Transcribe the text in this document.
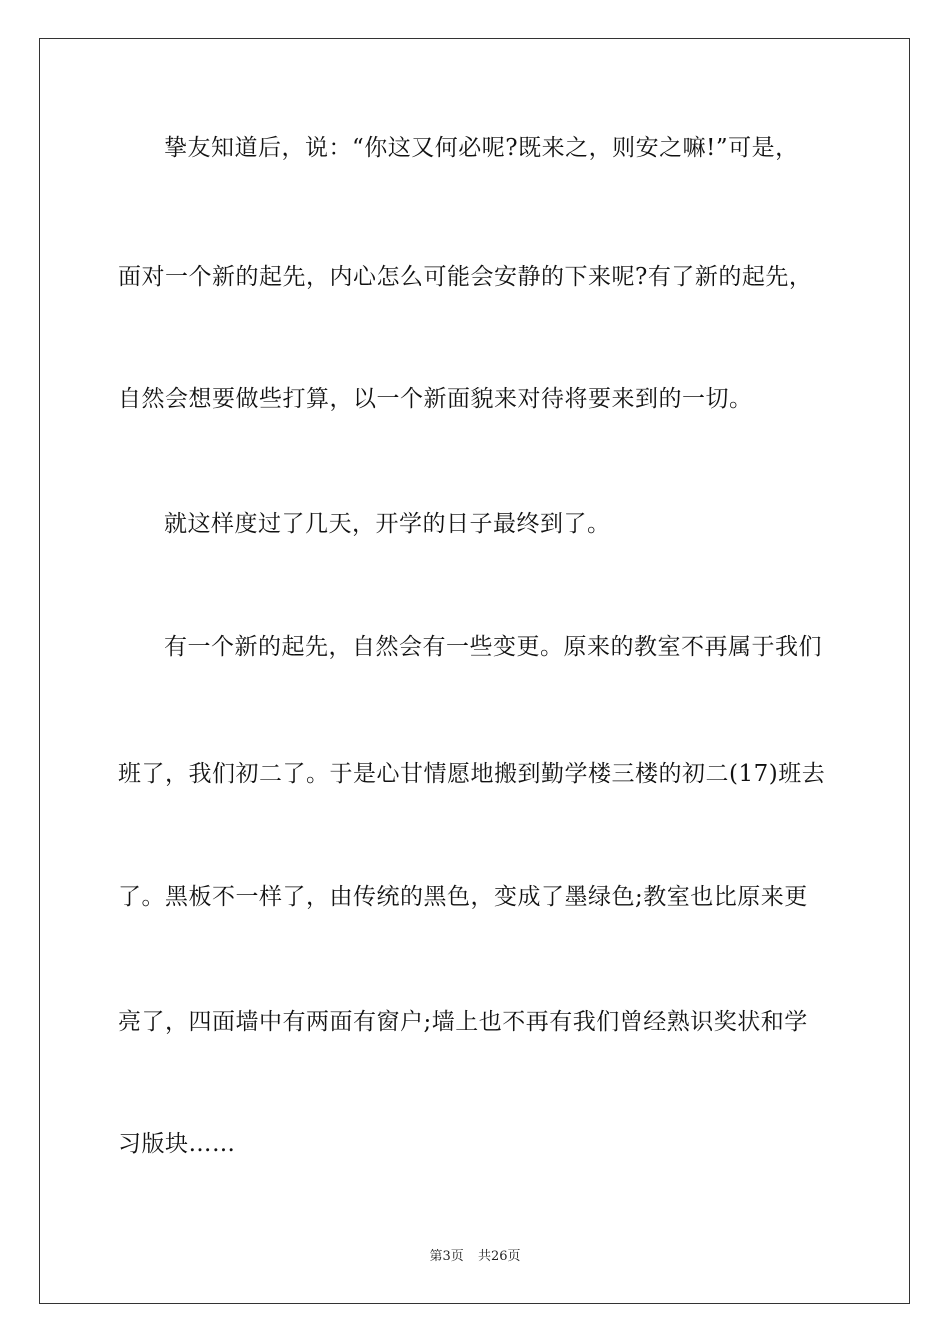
挚友知道后，说：“你这又何必呢?既来之，则安之嘛!”可是，
面对一个新的起先，内心怎么可能会安静的下来呢?有了新的起先，
自然会想要做些打算，以一个新面貌来对待将要来到的一切。
就这样度过了几天，开学的日子最终到了。
有一个新的起先，自然会有一些变更。原来的教室不再属于我们
班了，我们初二了。于是心甘情愿地搬到勤学楼三楼的初二(17)班去
了。黑板不一样了，由传统的黑色，变成了墨绿色;教室也比原来更
亮了，四面墙中有两面有窗户;墙上也不再有我们曾经熟识奖状和学
习版块……
第3页 共26页
